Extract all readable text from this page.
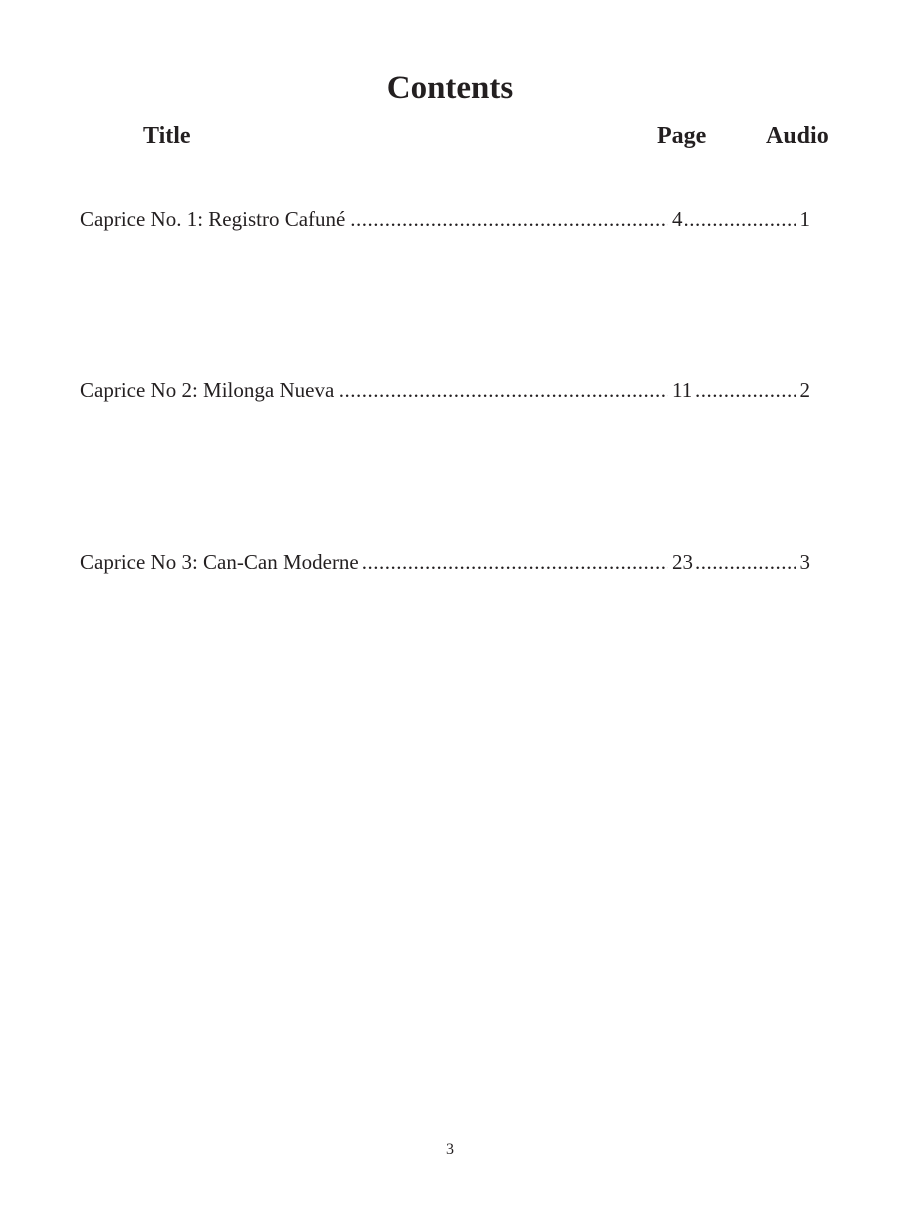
Contents
Title	Page Audio
.....
Caprice No. 1: Registro Cafuné .....	4	1
.....
Caprice No 2: Milonga Nueva .....	11	2
.....
Caprice No 3: Can-Can Moderne .....	23	3
3
